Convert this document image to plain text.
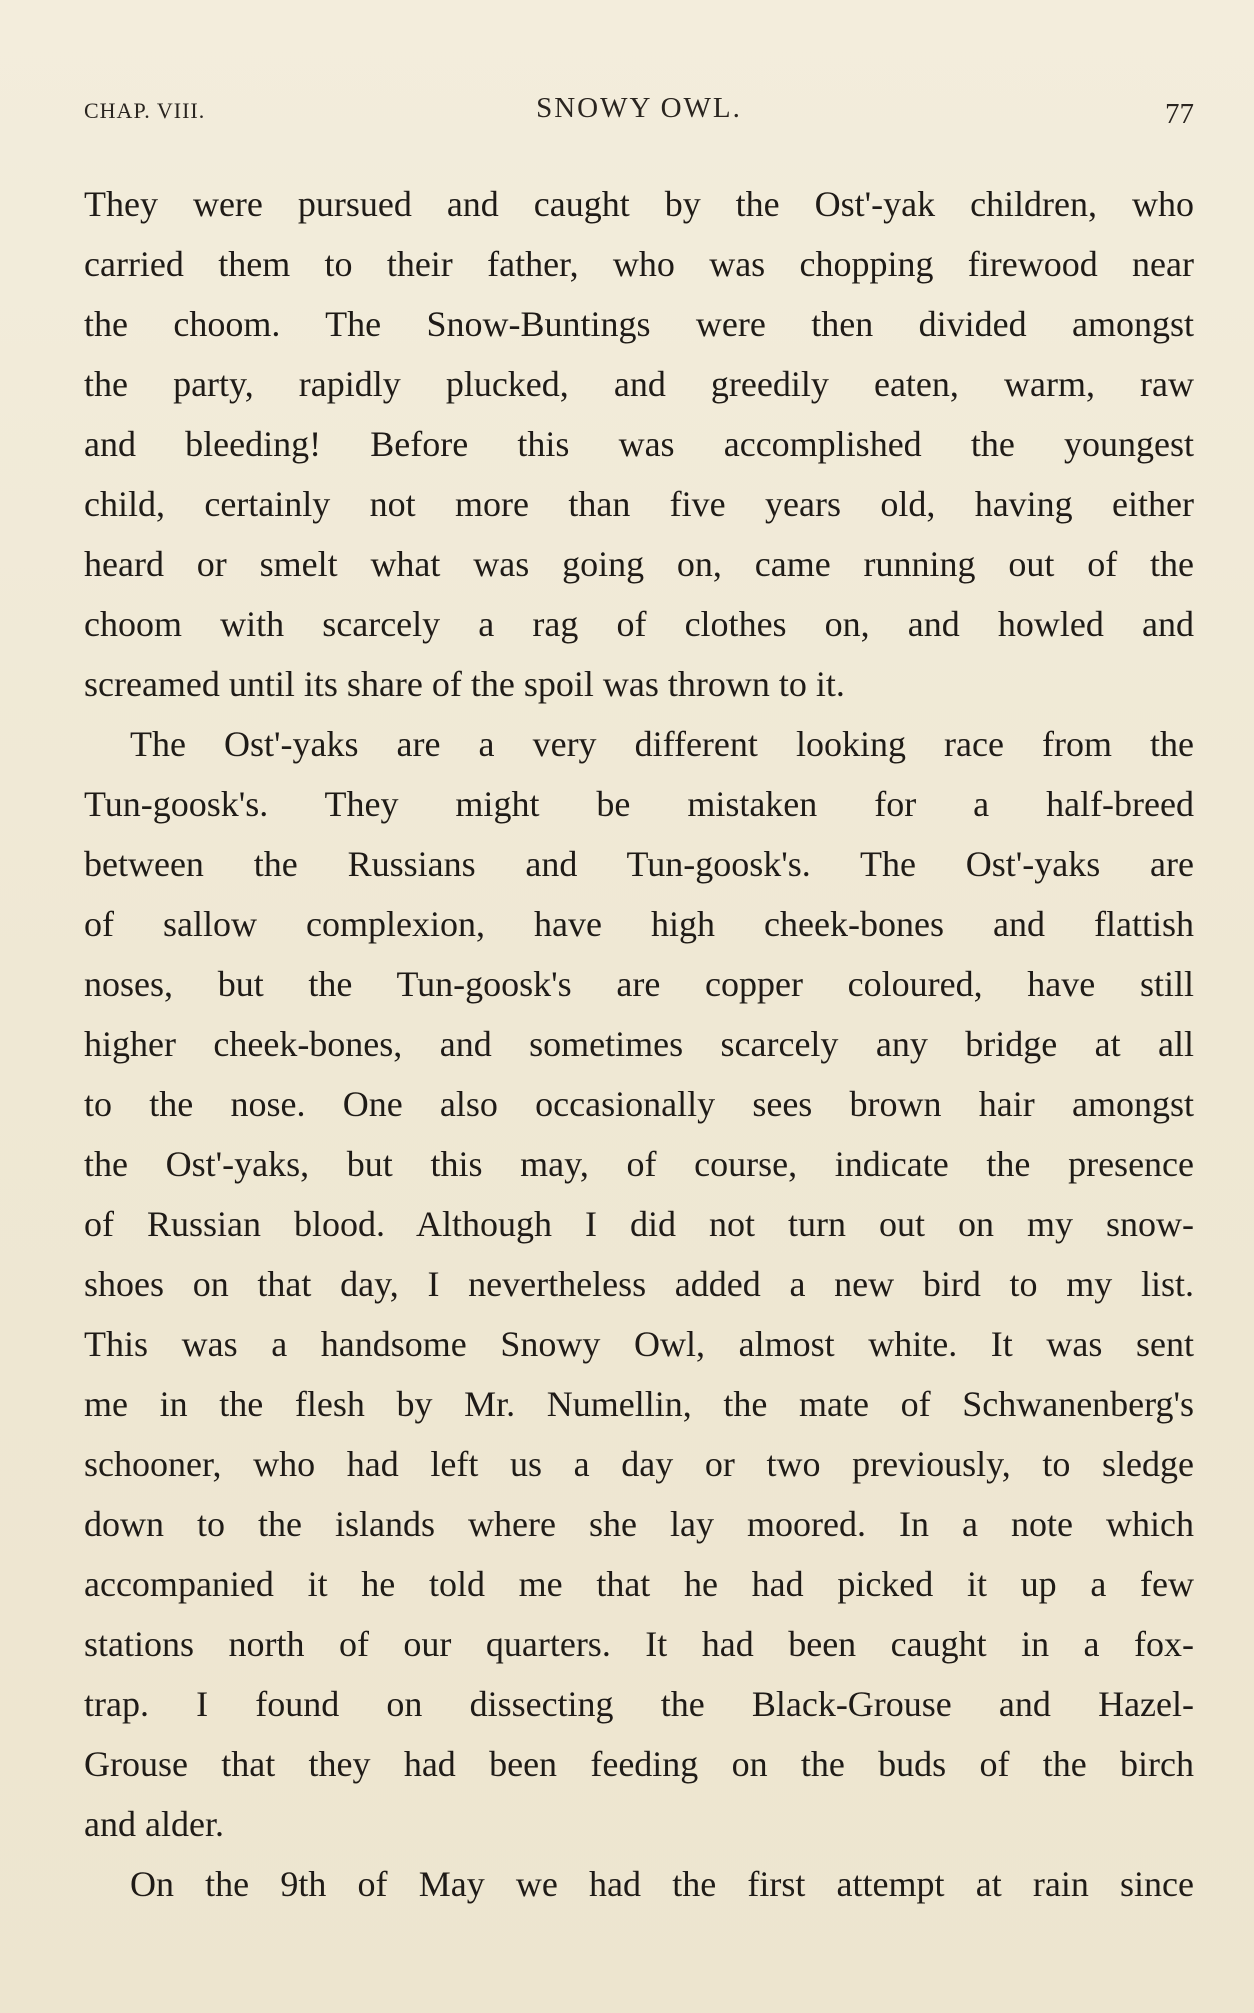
CHAP. VIII.	SNOWY OWL.	77
They were pursued and caught by the Ost'-yak children, who
carried them to their father, who was chopping firewood near
the choom. The Snow-Buntings were then divided amongst
the party, rapidly plucked, and greedily eaten, warm, raw
and bleeding! Before this was accomplished the youngest
child, certainly not more than five years old, having either
heard or smelt what was going on, came running out of the
choom with scarcely a rag of clothes on, and howled and
screamed until its share of the spoil was thrown to it.
The Ost'-yaks are a very different looking race from the
Tun-goosk's. They might be mistaken for a half-breed
between the Russians and Tun-goosk's. The Ost'-yaks are
of sallow complexion, have high cheek-bones and flattish
noses, but the Tun-goosk's are copper coloured, have still
higher cheek-bones, and sometimes scarcely any bridge at all
to the nose. One also occasionally sees brown hair amongst
the Ost'-yaks, but this may, of course, indicate the presence
of Russian blood. Although I did not turn out on my snow-
shoes on that day, I nevertheless added a new bird to my list.
This was a handsome Snowy Owl, almost white. It was sent
me in the flesh by Mr. Numellin, the mate of Schwanenberg's
schooner, who had left us a day or two previously, to sledge
down to the islands where she lay moored. In a note which
accompanied it he told me that he had picked it up a few
stations north of our quarters. It had been caught in a fox-
trap. I found on dissecting the Black-Grouse and Hazel-
Grouse that they had been feeding on the buds of the birch
and alder.
On the 9th of May we had the first attempt at rain since
